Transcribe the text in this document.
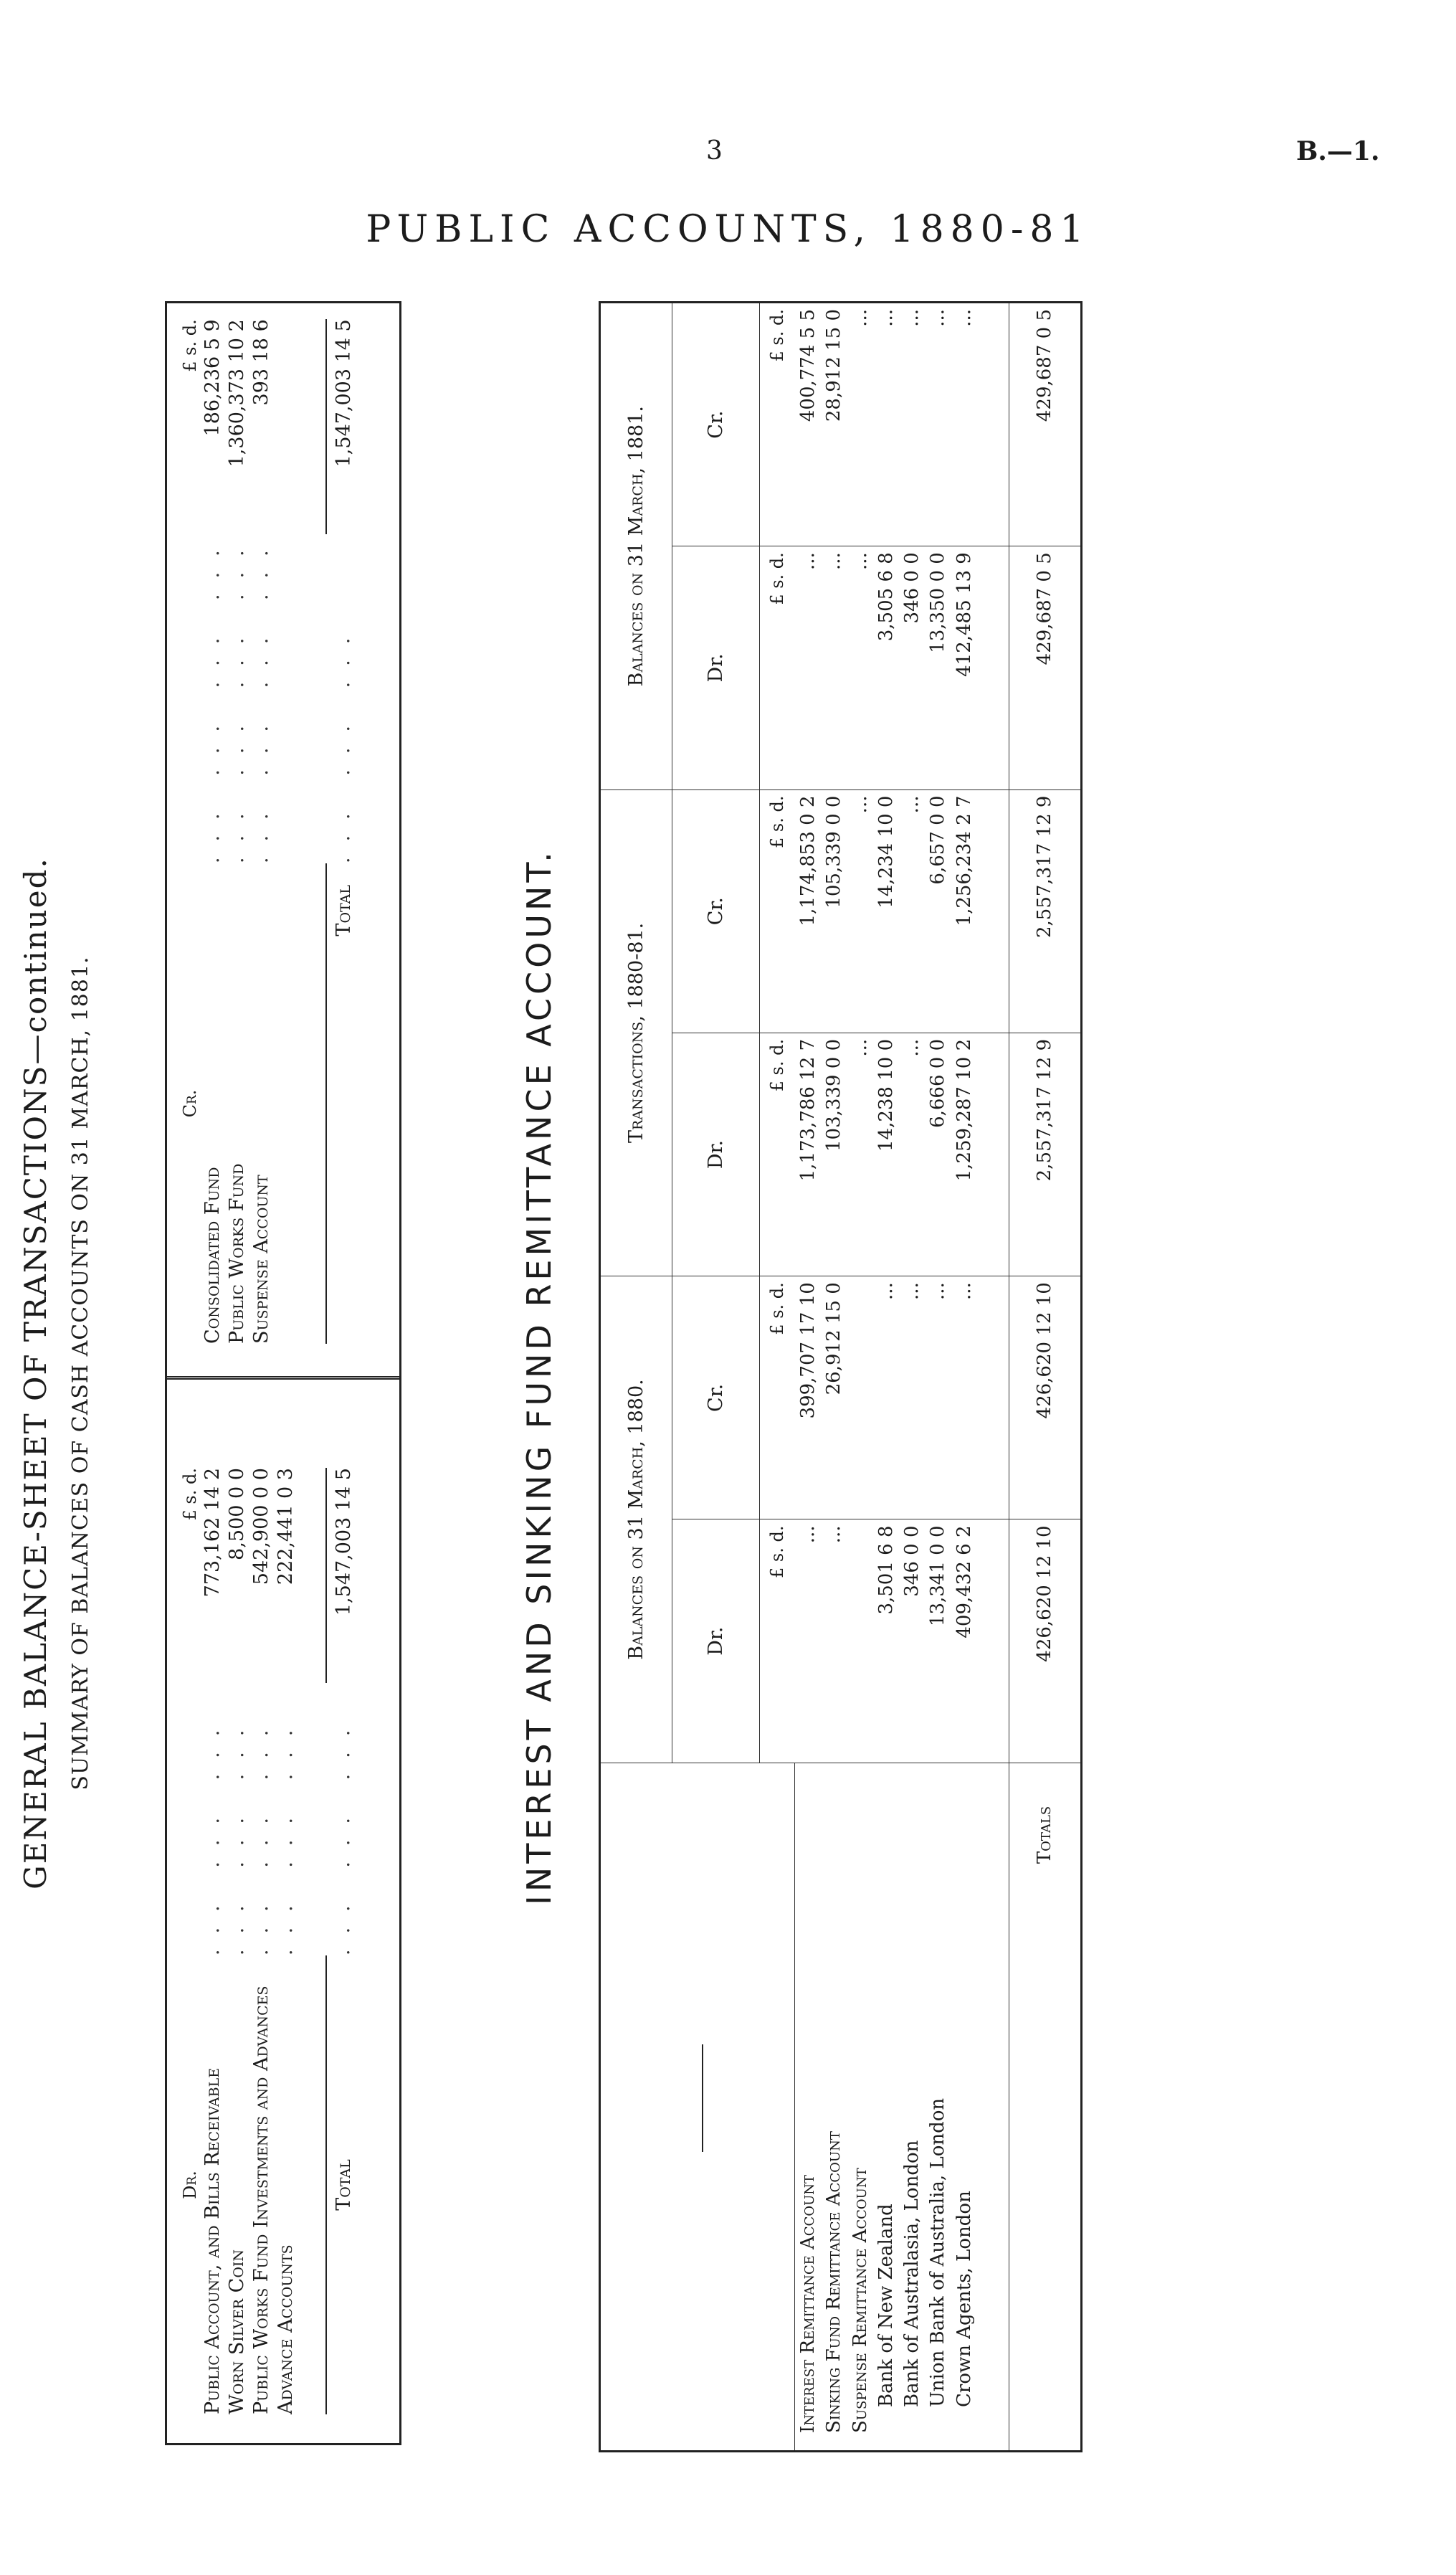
3	B.—1.
PUBLIC ACCOUNTS, 1880-81
GENERAL BALANCE-SHEET OF TRANSACTIONS—continued. SUMMARY OF BALANCES OF CASH ACCOUNTS ON 31 MARCH, 1881.
Dr.		£ s. d.
Public Account, and Bills Receivable	... ... ...	773,162 14 2
Worn Silver Coin	... ... ...	8,500 0 0
Public Works Fund Investments and Advances	... ... ...	542,900 0 0
Advance Accounts	... ... ...	222,441 0 3

Total	... ... ...	1,547,003 14 5
Cr.		£ s. d.
Consolidated Fund	... ... ... ...	186,236 5 9
Public Works Fund	... ... ... ...	1,360,373 10 2
Suspense Account	... ... ... ...	393 18 6

Total	... ... ...	1,547,003 14 5
INTEREST AND SINKING FUND REMITTANCE ACCOUNT.
		Balances on 31 March, 1880.		Transactions, 1880-81.		Balances on 31 March, 1881.	
	Dr.	Cr.	Dr.	Cr.	Dr.	Cr.
	£ s. d.	£ s. d.	£ s. d.	£ s. d.	£ s. d.	£ s. d.
Interest Remittance Account	...	399,707 17 10	1,173,786 12 7	1,174,853 0 2	...	400,774 5 5
Sinking Fund Remittance Account	...	26,912 15 0	103,339 0 0	105,339 0 0	...	28,912 15 0
Suspense Remittance Account			...	...	...	...
Bank of New Zealand	3,501 6 8	...	14,238 10 0	14,234 10 0	3,505 6 8	...
Bank of Australasia, London	346 0 0	...	...	...	346 0 0	...
Union Bank of Australia, London	13,341 0 0	...	6,666 0 0	6,657 0 0	13,350 0 0	...
Crown Agents, London	409,432 6 2	...	1,259,287 10 2	1,256,234 2 7	412,485 13 9	...

Totals	426,620 12 10	426,620 12 10	2,557,317 12 9	2,557,317 12 9	429,687 0 5	429,687 0 5
